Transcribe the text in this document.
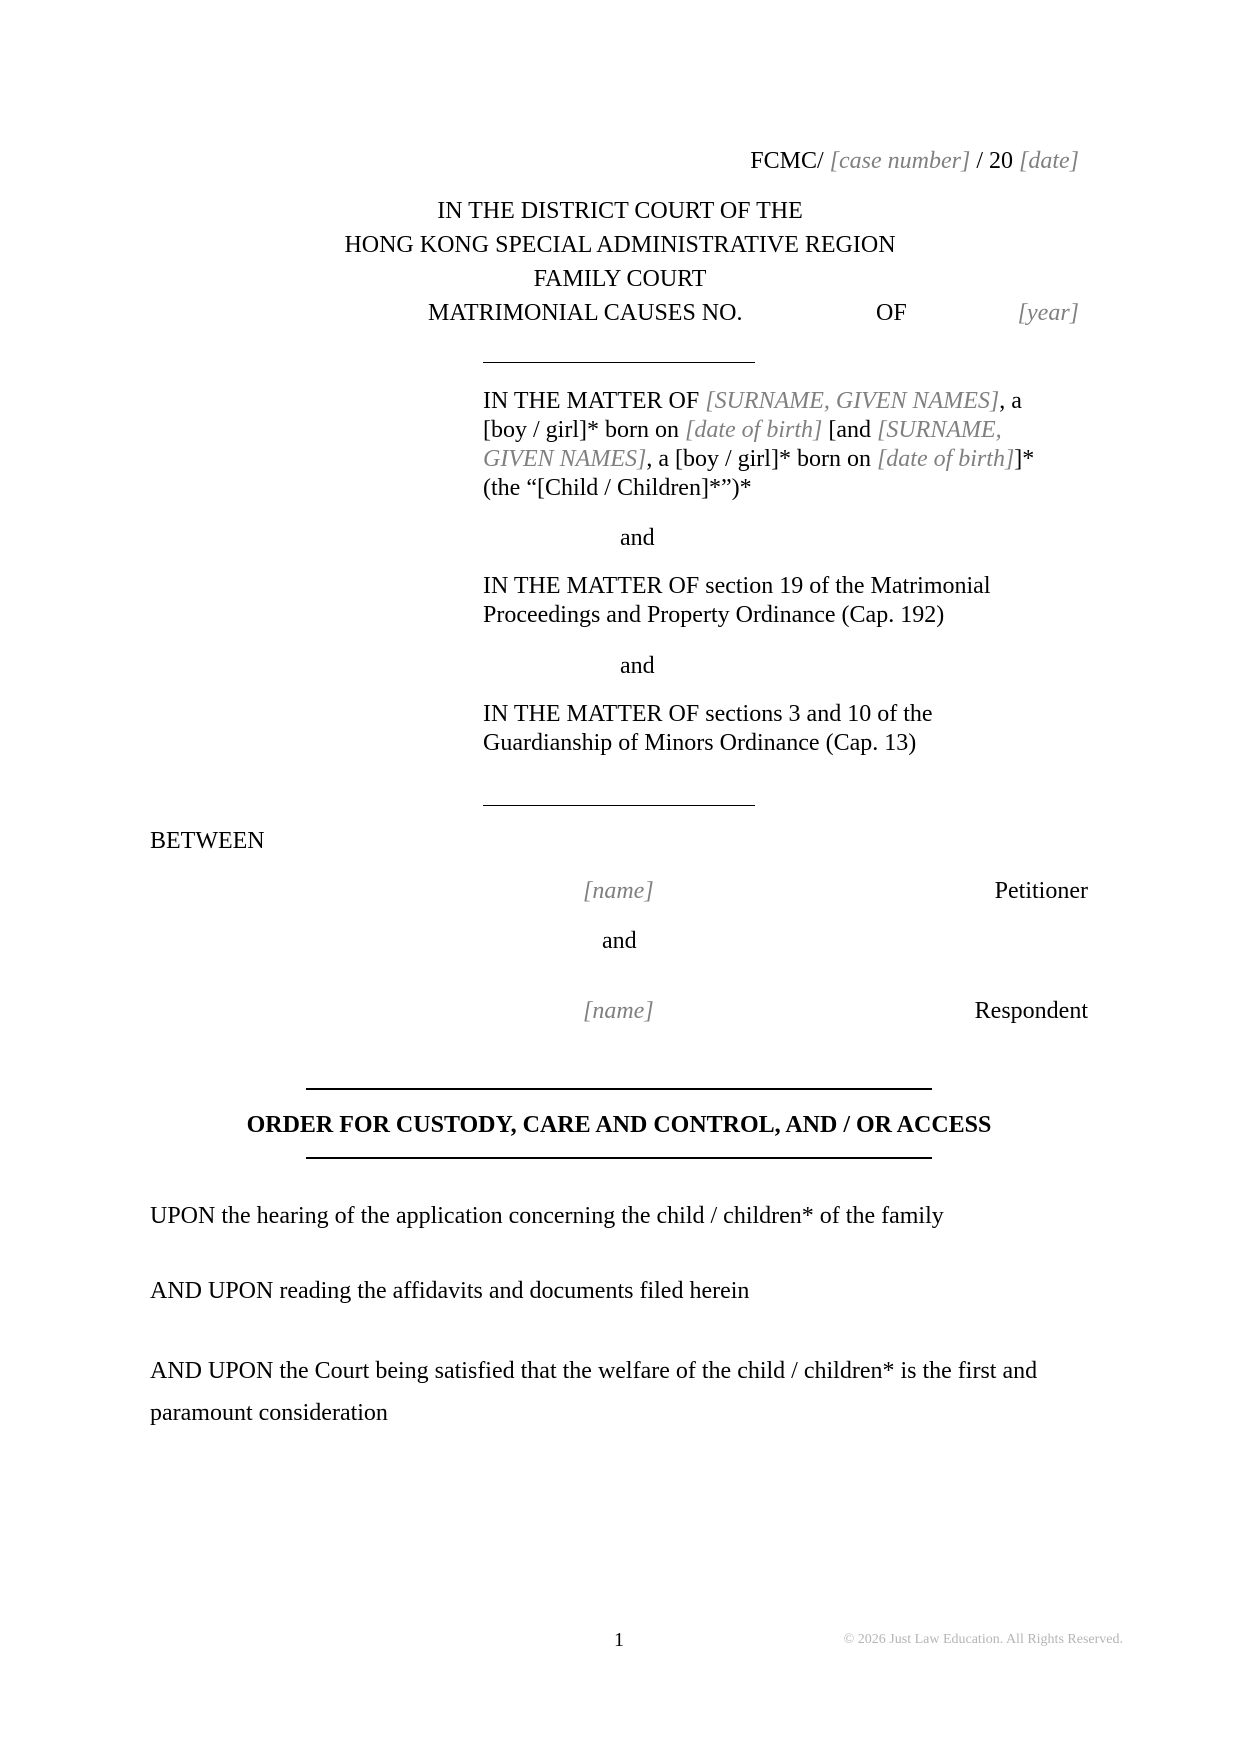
FCMC/ [case number] / 20 [date]
IN THE DISTRICT COURT OF THE
HONG KONG SPECIAL ADMINISTRATIVE REGION
FAMILY COURT
MATRIMONIAL CAUSES NO.	OF	[year]
IN THE MATTER OF [SURNAME, GIVEN NAMES], a
[boy / girl]* born on [date of birth] [and [SURNAME,
GIVEN NAMES], a [boy / girl]* born on [date of birth]]*
(the “[Child / Children]*”)*
and
IN THE MATTER OF section 19 of the Matrimonial
Proceedings and Property Ordinance (Cap. 192)
and
IN THE MATTER OF sections 3 and 10 of the
Guardianship of Minors Ordinance (Cap. 13)
BETWEEN
[name]	Petitioner
and
[name]	Respondent
ORDER FOR CUSTODY, CARE AND CONTROL, AND / OR ACCESS
UPON the hearing of the application concerning the child / children* of the family
AND UPON reading the affidavits and documents filed herein
AND UPON the Court being satisfied that the welfare of the child / children* is the first and
paramount consideration
1	© 2026 Just Law Education. All Rights Reserved.
